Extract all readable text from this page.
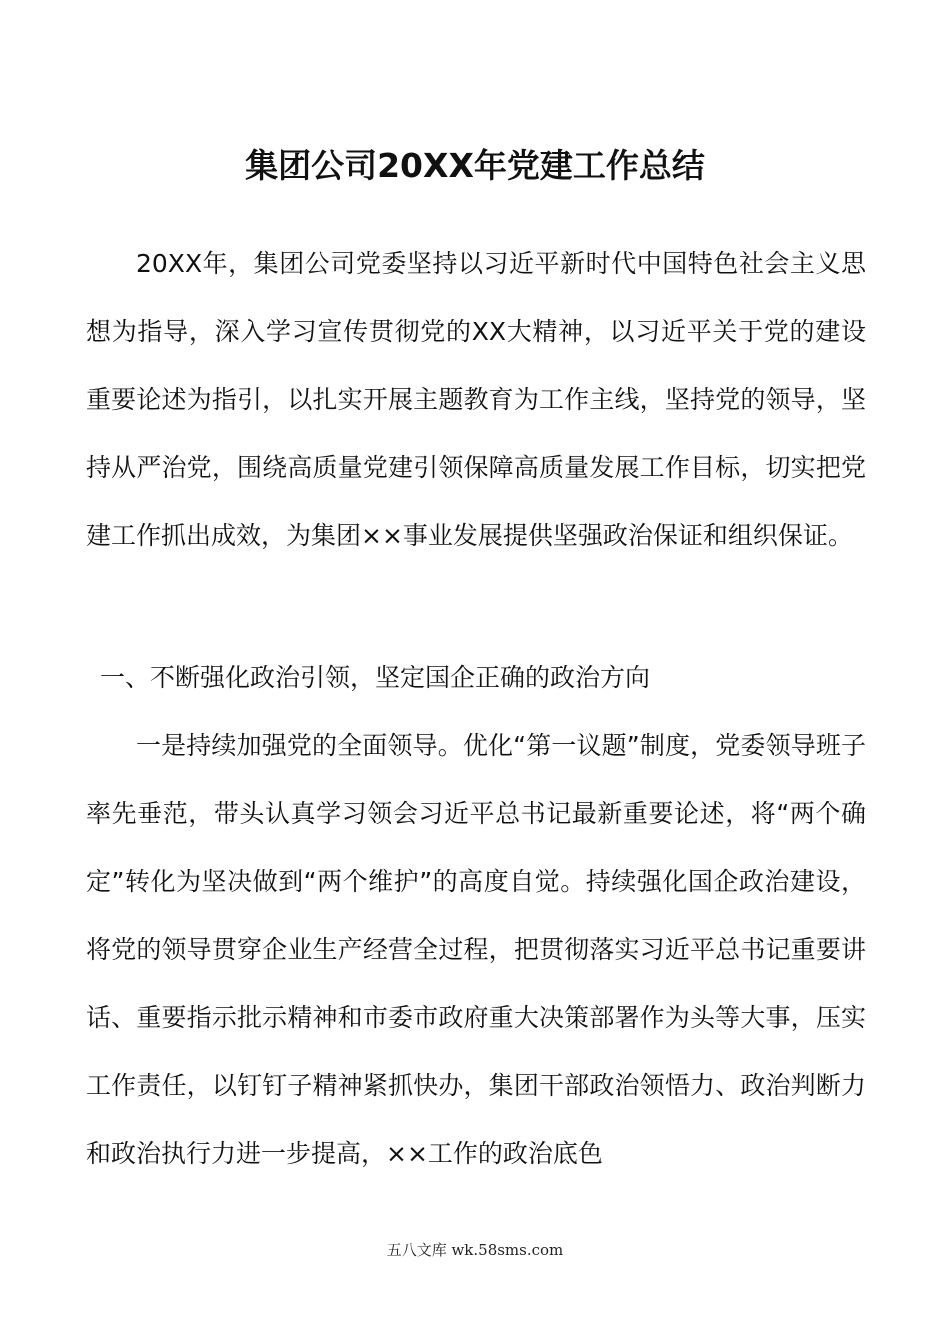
集团公司20XX年党建工作总结
20XX年，集团公司党委坚持以习近平新时代中国特色社会主义思想为指导，深入学习宣传贯彻党的XX大精神，以习近平关于党的建设重要论述为指引，以扎实开展主题教育为工作主线，坚持党的领导，坚持从严治党，围绕高质量党建引领保障高质量发展工作目标，切实把党建工作抓出成效，为集团××事业发展提供坚强政治保证和组织保证。
一、不断强化政治引领，坚定国企正确的政治方向
一是持续加强党的全面领导。优化“第一议题”制度，党委领导班子率先垂范，带头认真学习领会习近平总书记最新重要论述，将“两个确定”转化为坚决做到“两个维护”的高度自觉。持续强化国企政治建设，将党的领导贯穿企业生产经营全过程，把贯彻落实习近平总书记重要讲话、重要指示批示精神和市委市政府重大决策部署作为头等大事，压实工作责任，以钉钉子精神紧抓快办，集团干部政治领悟力、政治判断力和政治执行力进一步提高，××工作的政治底色
五八文库 wk.58sms.com
